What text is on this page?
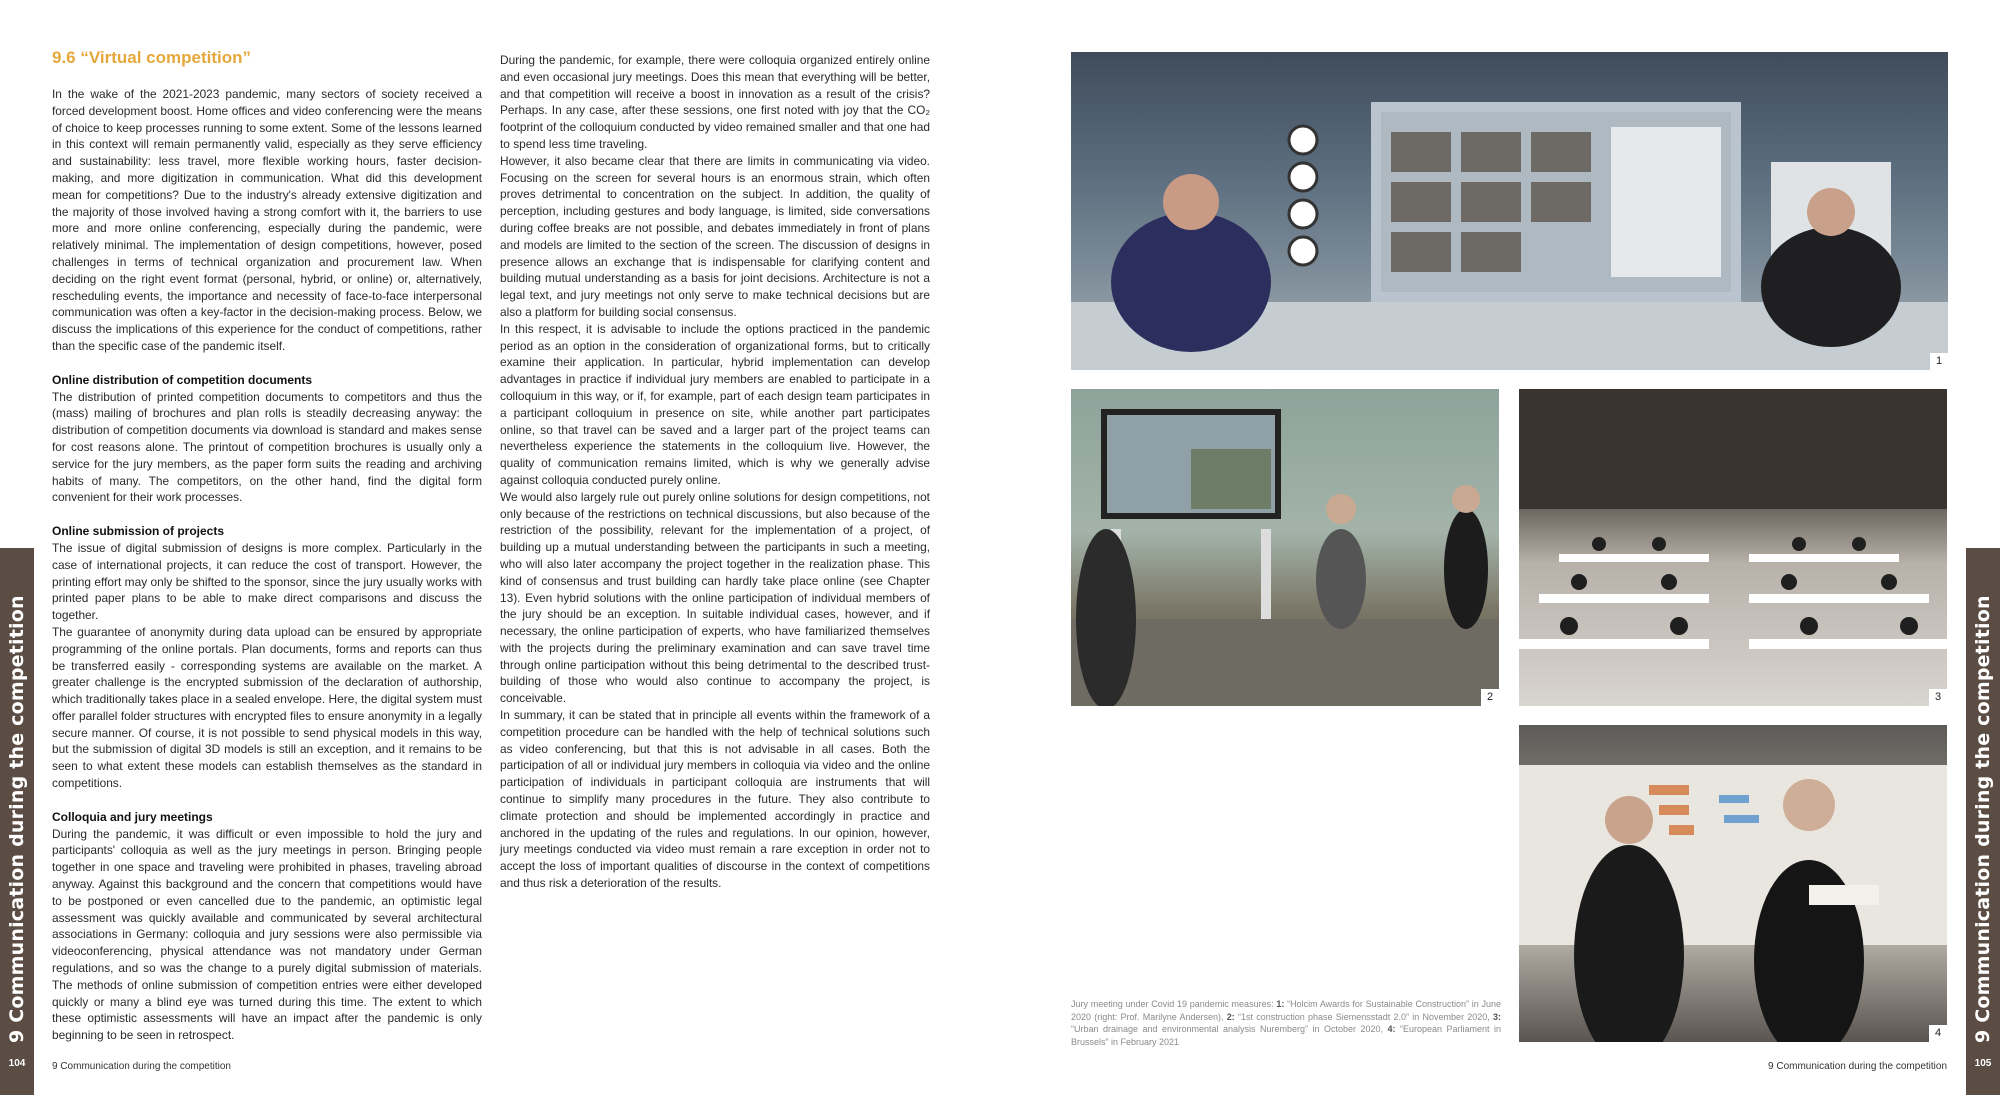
9.6 “Virtual competition”

In the wake of the 2021-2023 pandemic, many sectors of society received a forced development boost. Home offices and video conferencing were the means of choice to keep processes running to some extent. Some of the lessons learned in this context will remain permanently valid, especially as they serve efficiency and sustainability: less travel, more flexible working hours, faster decision-making, and more digitization in communication. What did this development mean for competitions? Due to the industry's already extensive digitization and the majority of those involved having a strong comfort with it, the barriers to use more and more online conferencing, especially during the pandemic, were relatively minimal. The implementation of design competitions, however, posed challenges in terms of technical organization and procurement law. When deciding on the right event format (personal, hybrid, or online) or, alternatively, rescheduling events, the importance and necessity of face-to-face interpersonal communication was often a key-factor in the decision-making process. Below, we discuss the implications of this experience for the conduct of competitions, rather than the specific case of the pandemic itself.

Online distribution of competition documents

The distribution of printed competition documents to competitors and thus the (mass) mailing of brochures and plan rolls is steadily decreasing anyway: the distribution of competition documents via download is standard and makes sense for cost reasons alone. The printout of competition brochures is usually only a service for the jury members, as the paper form suits the reading and archiving habits of many. The competitors, on the other hand, find the digital form convenient for their work processes.

Online submission of projects

The issue of digital submission of designs is more complex. Particularly in the case of international projects, it can reduce the cost of transport. However, the printing effort may only be shifted to the sponsor, since the jury usually works with printed paper plans to be able to make direct comparisons and discuss the together.

The guarantee of anonymity during data upload can be ensured by appropriate programming of the online portals. Plan documents, forms and reports can thus be transferred easily - corresponding systems are available on the market. A greater challenge is the encrypted submission of the declaration of authorship, which traditionally takes place in a sealed envelope. Here, the digital system must offer parallel folder structures with encrypted files to ensure anonymity in a legally secure manner. Of course, it is not possible to send physical models in this way, but the submission of digital 3D models is still an exception, and it remains to be seen to what extent these models can establish themselves as the standard in competitions.

Colloquia and jury meetings

During the pandemic, it was difficult or even impossible to hold the jury and participants' colloquia as well as the jury meetings in person. Bringing people together in one space and traveling were prohibited in phases, traveling abroad anyway. Against this background and the concern that competitions would have to be postponed or even cancelled due to the pandemic, an optimistic legal assessment was quickly available and communicated by several architectural associations in Germany: colloquia and jury sessions were also permissible via videoconferencing, physical attendance was not mandatory under German regulations, and so was the change to a purely digital submission of materials. The methods of online submission of competition entries were either developed quickly or many a blind eye was turned during this time. The extent to which these optimistic assessments will have an impact after the pandemic is only beginning to be seen in retrospect.

During the pandemic, for example, there were colloquia organized entirely online and even occasional jury meetings. Does this mean that everything will be better, and that competition will receive a boost in innovation as a result of the crisis? Perhaps. In any case, after these sessions, one first noted with joy that the CO₂ footprint of the colloquium conducted by video remained smaller and that one had to spend less time traveling.

However, it also became clear that there are limits in communicating via video. Focusing on the screen for several hours is an enormous strain, which often proves detrimental to concentration on the subject. In addition, the quality of perception, including gestures and body language, is limited, side conversations during coffee breaks are not possible, and debates immediately in front of plans and models are limited to the section of the screen. The discussion of designs in presence allows an exchange that is indispensable for clarifying content and building mutual understanding as a basis for joint decisions. Architecture is not a legal text, and jury meetings not only serve to make technical decisions but are also a platform for building social consensus.

In this respect, it is advisable to include the options practiced in the pandemic period as an option in the consideration of organizational forms, but to critically examine their application. In particular, hybrid implementation can develop advantages in practice if individual jury members are enabled to participate in a colloquium in this way, or if, for example, part of each design team participates in a participant colloquium in presence on site, while another part participates online, so that travel can be saved and a larger part of the project teams can nevertheless experience the statements in the colloquium live. However, the quality of communication remains limited, which is why we generally advise against colloquia conducted purely online.

We would also largely rule out purely online solutions for design competitions, not only because of the restrictions on technical discussions, but also because of the restriction of the possibility, relevant for the implementation of a project, of building up a mutual understanding between the participants in such a meeting, who will also later accompany the project together in the realization phase. This kind of consensus and trust building can hardly take place online (see Chapter 13). Even hybrid solutions with the online participation of individual members of the jury should be an exception. In suitable individual cases, however, and if necessary, the online participation of experts, who have familiarized themselves with the projects during the preliminary examination and can save travel time through online participation without this being detrimental to the described trust-building of those who would also continue to accompany the project, is conceivable.

In summary, it can be stated that in principle all events within the framework of a competition procedure can be handled with the help of technical solutions such as video conferencing, but that this is not advisable in all cases. Both the participation of all or individual jury members in colloquia via video and the online participation of individuals in participant colloquia are instruments that will continue to simplify many procedures in the future. They also contribute to climate protection and should be implemented accordingly in practice and anchored in the updating of the rules and regulations. In our opinion, however, jury meetings conducted via video must remain a rare exception in order not to accept the loss of important qualities of discourse in the context of competitions and thus risk a deterioration of the results.

9 Communication during the competition
104	9 Communication during the competition
1
2	3
4
Jury meeting under Covid 19 pandemic measures: 1: “Holcim Awards for Sustainable Construction” in June 2020 (right: Prof. Marilyne Andersen), 2: “1st construction phase Siemensstadt 2.0” in November 2020, 3: “Urban drainage and environmental analysis Nuremberg” in October 2020, 4: “European Parliament in Brussels” in February 2021
9 Communication during the competition
9 Communication during the competition
105
